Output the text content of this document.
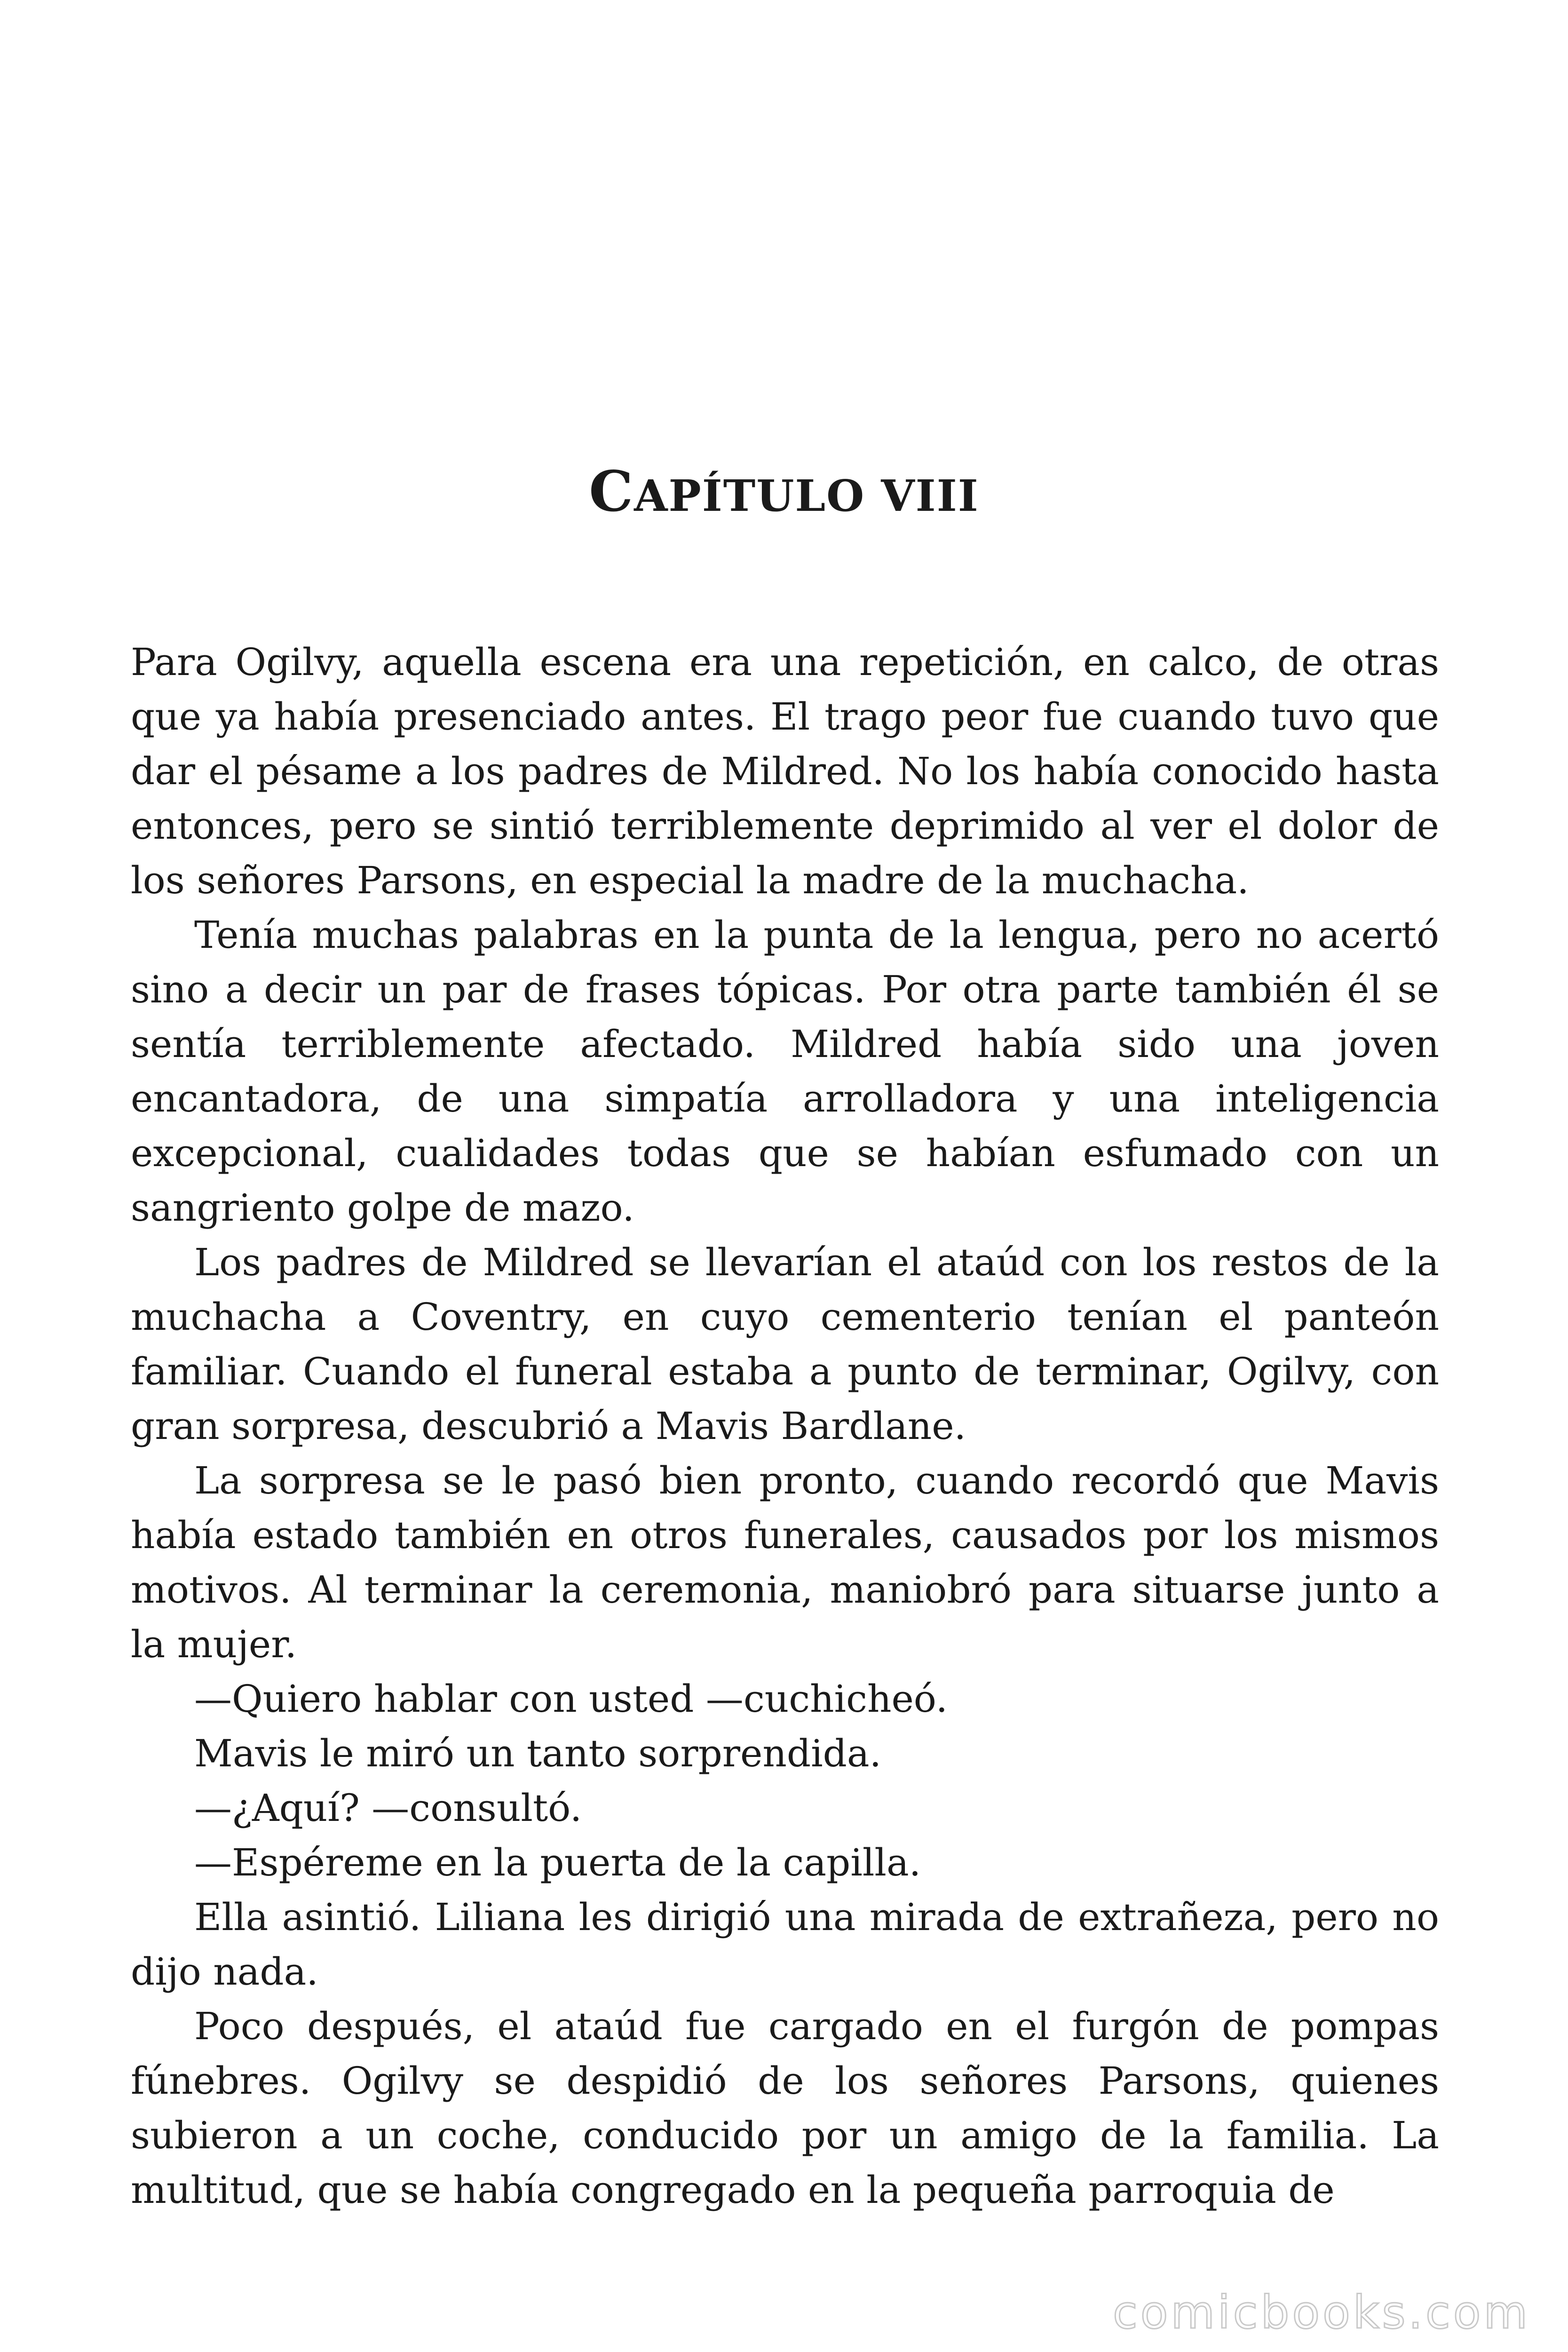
CAPÍTULO VIII

Para Ogilvy, aquella escena era una repetición, en calco, de otras que ya había presenciado antes. El trago peor fue cuando tuvo que dar el pésame a los padres de Mildred. No los había conocido hasta entonces, pero se sintió terriblemente deprimido al ver el dolor de los señores Parsons, en especial la madre de la muchacha.

Tenía muchas palabras en la punta de la lengua, pero no acertó sino a decir un par de frases tópicas. Por otra parte también él se sentía terriblemente afectado. Mildred había sido una joven encantadora, de una simpatía arrolladora y una inteligencia excepcional, cualidades todas que se habían esfumado con un sangriento golpe de mazo.

Los padres de Mildred se llevarían el ataúd con los restos de la muchacha a Coventry, en cuyo cementerio tenían el panteón familiar. Cuando el funeral estaba a punto de terminar, Ogilvy, con gran sorpresa, descubrió a Mavis Bardlane.

La sorpresa se le pasó bien pronto, cuando recordó que Mavis había estado también en otros funerales, causados por los mismos motivos. Al terminar la ceremonia, maniobró para situarse junto a la mujer.

—Quiero hablar con usted —cuchicheó.

Mavis le miró un tanto sorprendida.

—¿Aquí? —consultó.

—Espéreme en la puerta de la capilla.

Ella asintió. Liliana les dirigió una mirada de extrañeza, pero no dijo nada.

Poco después, el ataúd fue cargado en el furgón de pompas fúnebres. Ogilvy se despidió de los señores Parsons, quienes subieron a un coche, conducido por un amigo de la familia. La multitud, que se había congregado en la pequeña parroquia de

comicbooks.com
